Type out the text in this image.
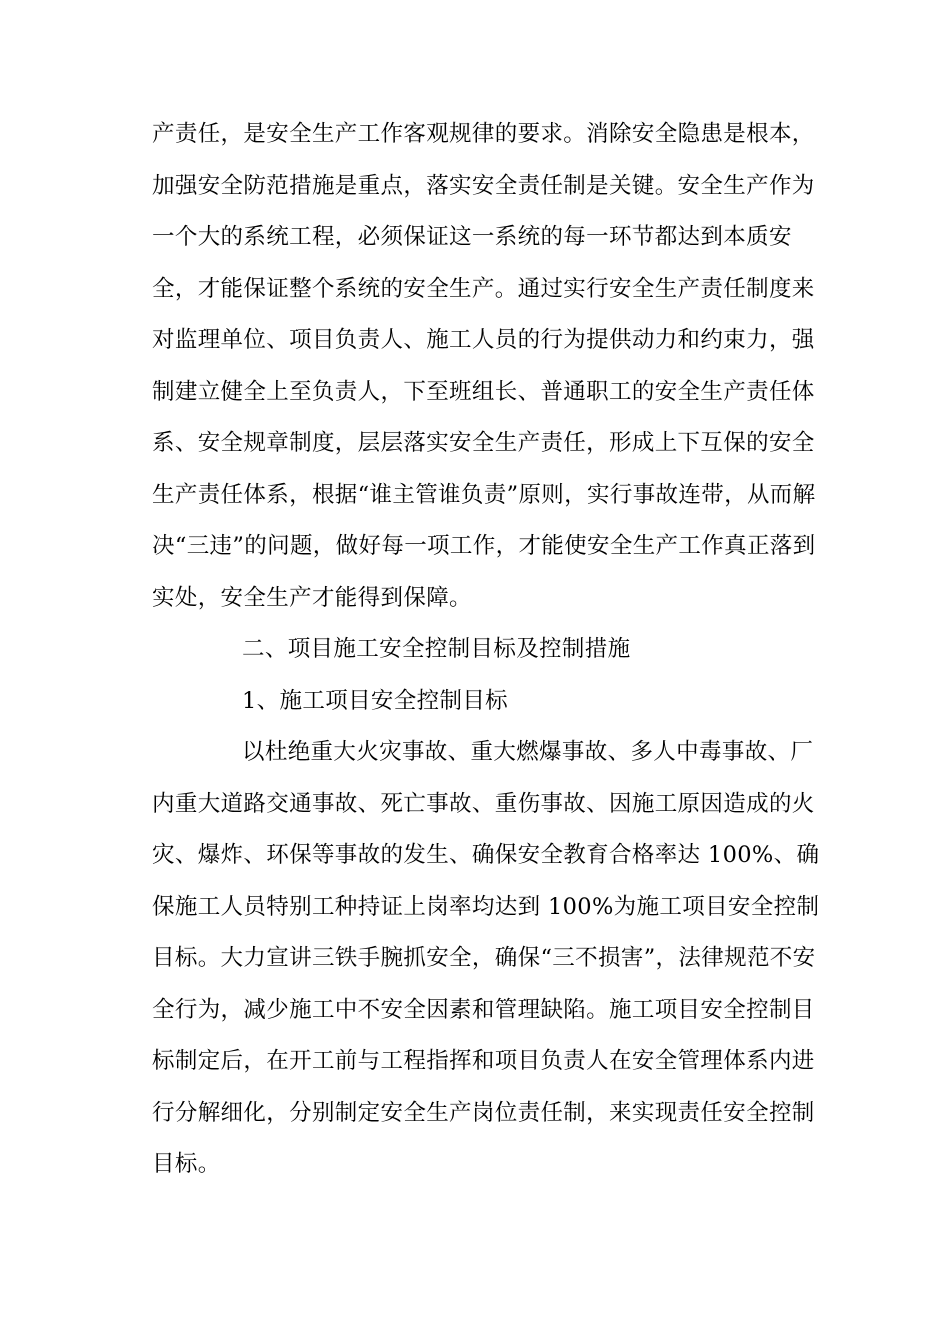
产责任，是安全生产工作客观规律的要求。消除安全隐患是根本，
加强安全防范措施是重点，落实安全责任制是关键。安全生产作为
一个大的系统工程，必须保证这一系统的每一环节都达到本质安
全，才能保证整个系统的安全生产。通过实行安全生产责任制度来
对监理单位、项目负责人、施工人员的行为提供动力和约束力，强
制建立健全上至负责人，下至班组长、普通职工的安全生产责任体
系、安全规章制度，层层落实安全生产责任，形成上下互保的安全
生产责任体系，根据“谁主管谁负责”原则，实行事故连带，从而解
决“三违”的问题，做好每一项工作，才能使安全生产工作真正落到
实处，安全生产才能得到保障。
二、项目施工安全控制目标及控制措施
1、施工项目安全控制目标
以杜绝重大火灾事故、重大燃爆事故、多人中毒事故、厂
内重大道路交通事故、死亡事故、重伤事故、因施工原因造成的火
灾、爆炸、环保等事故的发生、确保安全教育合格率达 100%、确
保施工人员特别工种持证上岗率均达到 100%为施工项目安全控制
目标。大力宣讲三铁手腕抓安全，确保“三不损害”，法律规范不安
全行为，减少施工中不安全因素和管理缺陷。施工项目安全控制目
标制定后，在开工前与工程指挥和项目负责人在安全管理体系内进
行分解细化，分别制定安全生产岗位责任制，来实现责任安全控制
目标。
